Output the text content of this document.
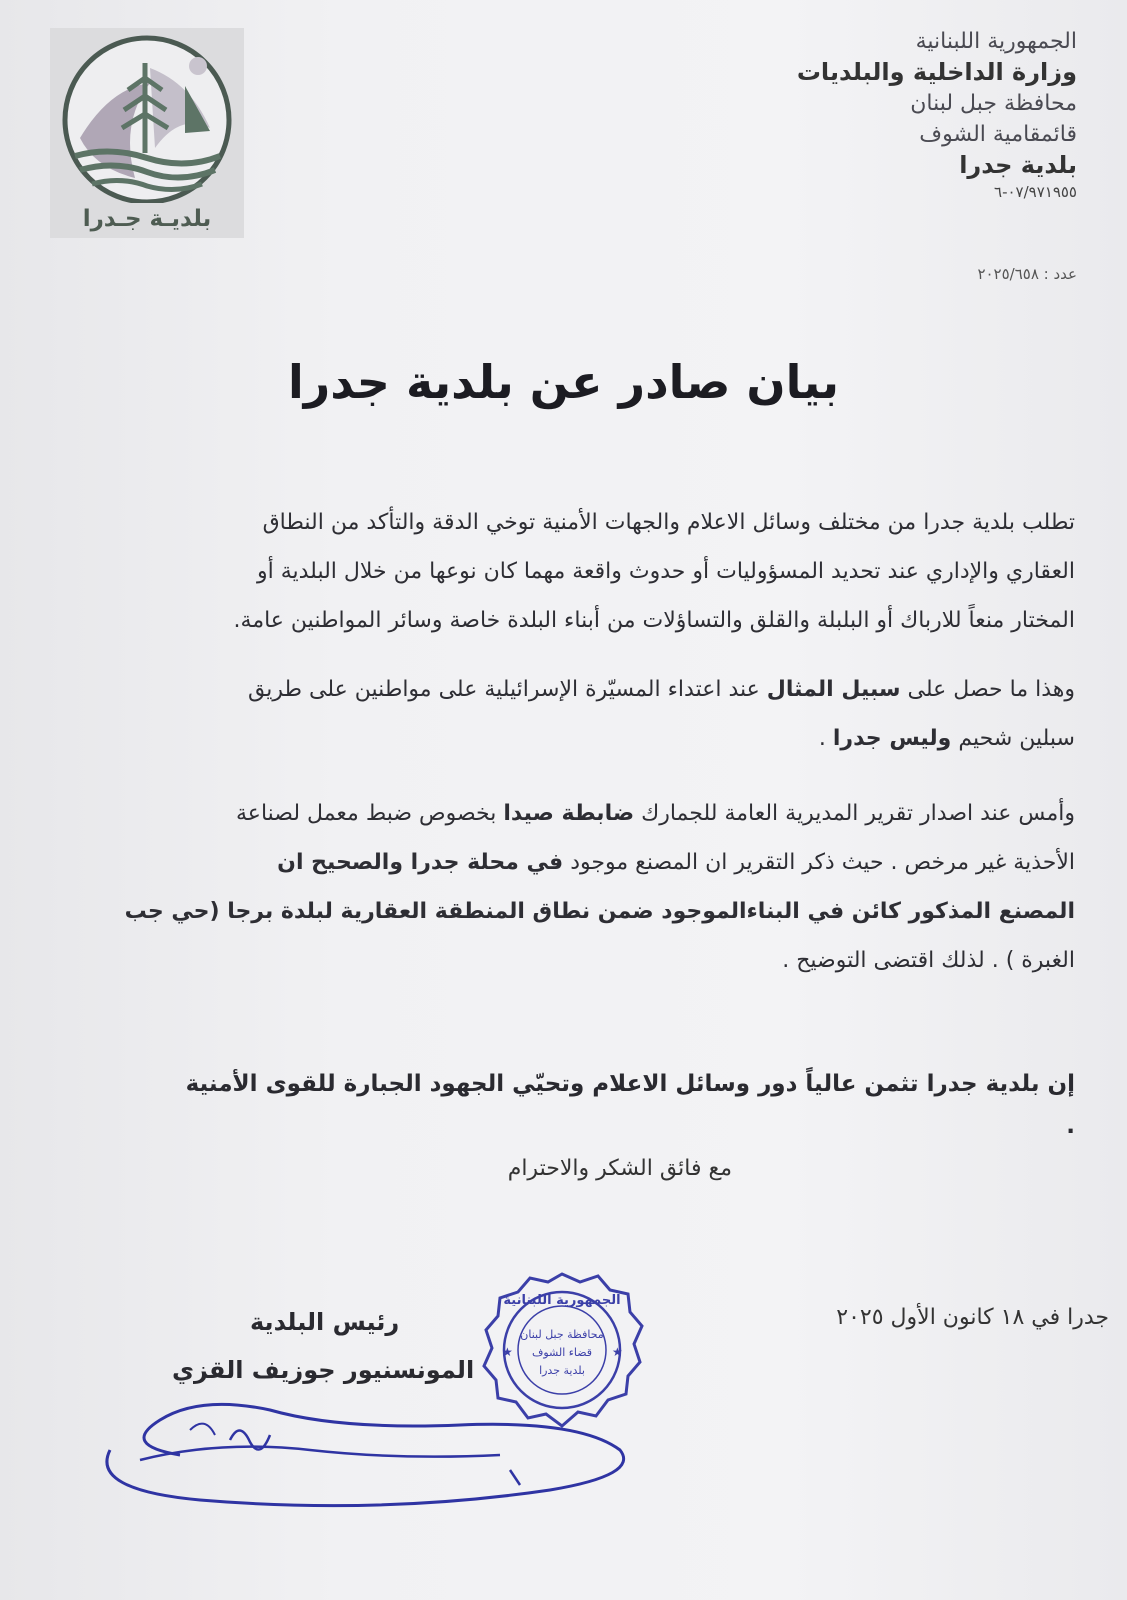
بلديـة جـدرا
الجمهورية اللبنانية
وزارة الداخلية والبلديات
محافظة جبل لبنان
قائمقامية الشوف
بلدية جدرا
٠٧/٩٧١٩٥٥-٦
عدد : ٢٠٢٥/٦٥٨
بيان صادر عن بلدية جدرا
تطلب بلدية جدرا من مختلف وسائل الاعلام والجهات الأمنية توخي الدقة والتأكد من النطاق
العقاري والإداري عند تحديد المسؤوليات أو حدوث واقعة مهما كان نوعها من خلال البلدية أو
المختار منعاً للارباك أو البلبلة والقلق والتساؤلات من أبناء البلدة خاصة وسائر المواطنين عامة.
وهذا ما حصل على سبيل المثال عند اعتداء المسيّرة الإسرائيلية على مواطنين على طريق
سبلين شحيم وليس جدرا .
وأمس عند اصدار تقرير المديرية العامة للجمارك ضابطة صيدا بخصوص ضبط معمل لصناعة
الأحذية غير مرخص . حيث ذكر التقرير ان المصنع موجود في محلة جدرا والصحيح ان
المصنع المذكور كائن في البناءالموجود ضمن نطاق المنطقة العقارية لبلدة برجا (حي جب
الغبرة ) . لذلك اقتضى التوضيح .
إن بلدية جدرا تثمن عالياً دور وسائل الاعلام وتحيّي الجهود الجبارة للقوى الأمنية
.
مع فائق الشكر والاحترام
جدرا في ١٨ كانون الأول ٢٠٢٥
★	★
الجمهورية اللبنانية
محافظة جبل لبنان
قضاء الشوف
بلدية جدرا
رئيس البلدية
المونسنيور جوزيف القزي
